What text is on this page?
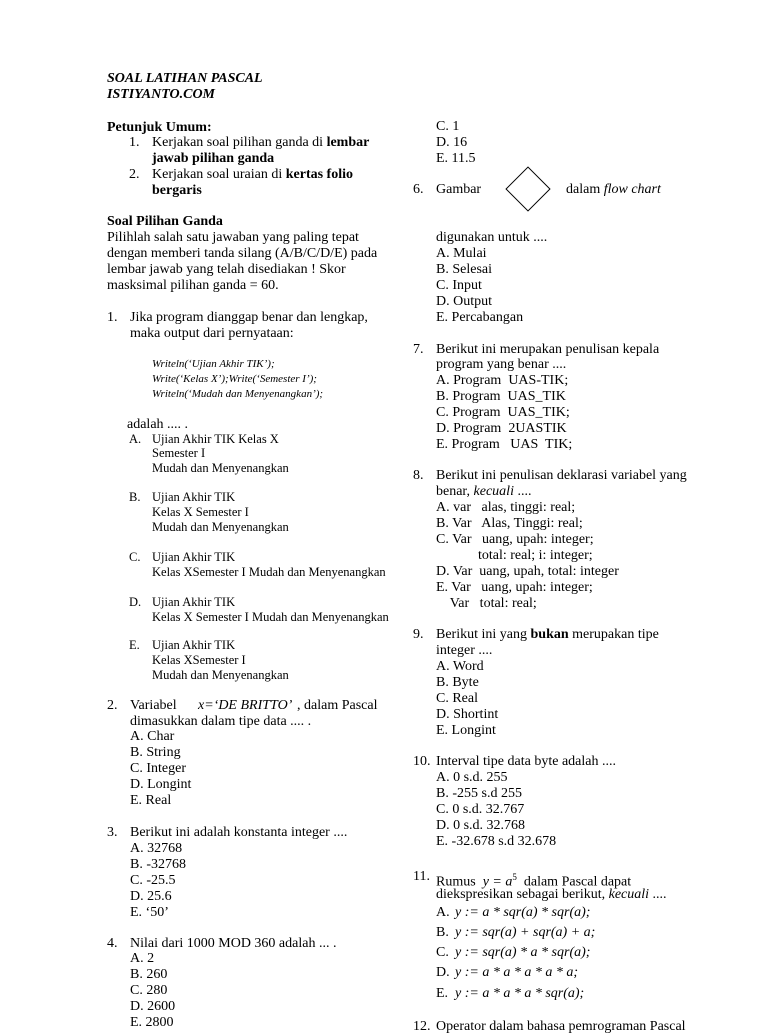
SOAL LATIHAN PASCAL
ISTIYANTO.COM
Petunjuk Umum:
1. Kerjakan soal pilihan ganda di lembar
jawab pilihan ganda
2. Kerjakan soal uraian di kertas folio
bergaris
Soal Pilihan Ganda
Pilihlah salah satu jawaban yang paling tepat
dengan memberi tanda silang (A/B/C/D/E) pada
lembar jawab yang telah disediakan ! Skor
masksimal pilihan ganda = 60.
1. Jika program dianggap benar dan lengkap,
maka output dari pernyataan:
Writeln(‘Ujian Akhir TIK’);
Write(‘Kelas X’);Write(‘Semester I’);
Writeln(‘Mudah dan Menyenangkan’);
adalah .... .
A. Ujian Akhir TIK Kelas X
Semester I
Mudah dan Menyenangkan
B. Ujian Akhir TIK
Kelas X Semester I
Mudah dan Menyenangkan
C. Ujian Akhir TIK
Kelas XSemester I Mudah dan Menyenangkan
D. Ujian Akhir TIK
Kelas X Semester I Mudah dan Menyenangkan
E. Ujian Akhir TIK
Kelas XSemester I
Mudah dan Menyenangkan
2. Variabel x=‘DE BRITTO’ , dalam Pascal
dimasukkan dalam tipe data .... .
A. Char
B. String
C. Integer
D. Longint
E. Real
3. Berikut ini adalah konstanta integer ....
A. 32768
B. -32768
C. -25.5
D. 25.6
E. ‘50’
4. Nilai dari 1000 MOD 360 adalah ... .
A. 2
B. 260
C. 280
D. 2600
E. 2800
C. 1
D. 16
E. 11.5
6. Gambar	dalam flow chart
digunakan untuk ....
A. Mulai
B. Selesai
C. Input
D. Output
E. Percabangan
7. Berikut ini merupakan penulisan kepala
program yang benar ....
A. Program  UAS-TIK;
B. Program  UAS_TIK
C. Program  UAS_TIK;
D. Program  2UASTIK
E. Program   UAS  TIK;
8. Berikut ini penulisan deklarasi variabel yang
benar, kecuali ....
A. var   alas, tinggi: real;
B. Var   Alas, Tinggi: real;
C. Var   uang, upah: integer;
total: real; i: integer;
D. Var  uang, upah, total: integer
E. Var   uang, upah: integer;
Var   total: real;
9. Berikut ini yang bukan merupakan tipe
integer ....
A. Word
B. Byte
C. Real
D. Shortint
E. Longint
10. Interval tipe data byte adalah ....
A. 0 s.d. 255
B. -255 s.d 255
C. 0 s.d. 32.767
D. 0 s.d. 32.768
E. -32.678 s.d 32.678
11. Rumus  $y = a^5$  dalam Pascal dapat
diekspresikan sebagai berikut, kecuali ....
A. y := a * sqr(a) * sqr(a);
B. y := sqr(a) + sqr(a) + a;
C. y := sqr(a) * a * sqr(a);
D. y := a * a * a * a * a;
E. y := a * a * a * sqr(a);
12. Operator dalam bahasa pemrograman Pascal
